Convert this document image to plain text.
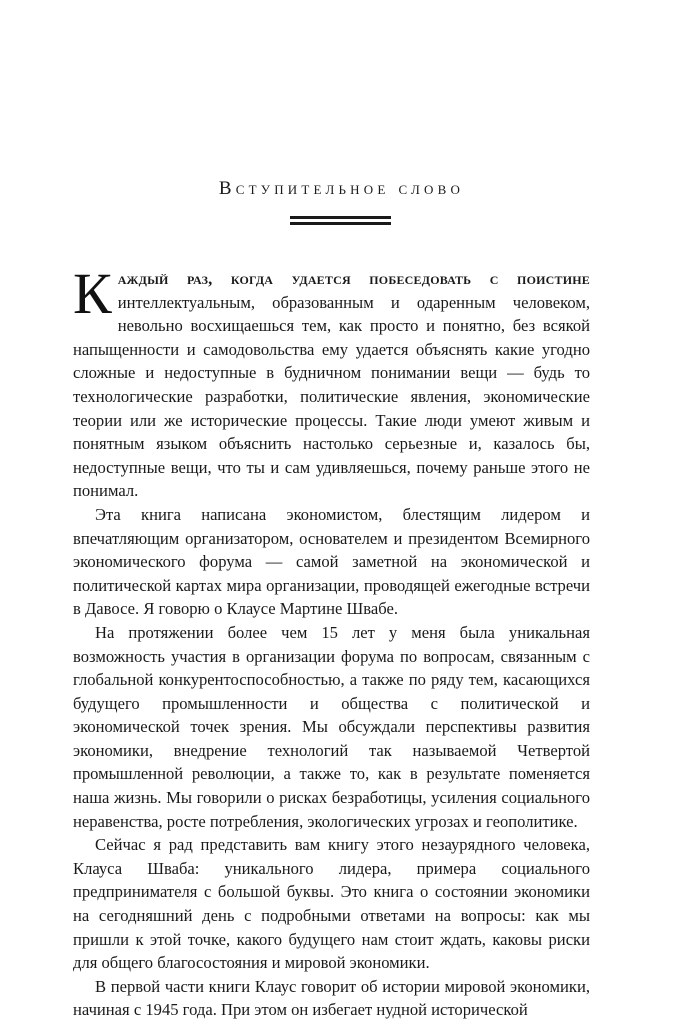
Вступительное слово

Каждый раз, когда удается побеседовать с поистине интеллектуальным, образованным и одаренным человеком, невольно восхищаешься тем, как просто и понятно, без всякой напыщенности и самодовольства ему удается объяснять какие угодно сложные и недоступные в будничном понимании вещи — будь то технологические разработки, политические явления, экономические теории или же исторические процессы. Такие люди умеют живым и понятным языком объяснить настолько серьезные и, казалось бы, недоступные вещи, что ты и сам удивляешься, почему раньше этого не понимал.

Эта книга написана экономистом, блестящим лидером и впечатляющим организатором, основателем и президентом Всемирного экономического форума — самой заметной на экономической и политической картах мира организации, проводящей ежегодные встречи в Давосе. Я говорю о Клаусе Мартине Швабе.

На протяжении более чем 15 лет у меня была уникальная возможность участия в организации форума по вопросам, связанным с глобальной конкурентоспособностью, а также по ряду тем, касающихся будущего промышленности и общества с политической и экономической точек зрения. Мы обсуждали перспективы развития экономики, внедрение технологий так называемой Четвертой промышленной революции, а также то, как в результате поменяется наша жизнь. Мы говорили о рисках безработицы, усиления социального неравенства, росте потребления, экологических угрозах и геополитике.

Сейчас я рад представить вам книгу этого незаурядного человека, Клауса Шваба: уникального лидера, примера социального предпринимателя с большой буквы. Это книга о состоянии экономики на сегодняшний день с подробными ответами на вопросы: как мы пришли к этой точке, какого будущего нам стоит ждать, каковы риски для общего благосостояния и мировой экономики.

В первой части книги Клаус говорит об истории мировой экономики, начиная с 1945 года. При этом он избегает нудной исторической
